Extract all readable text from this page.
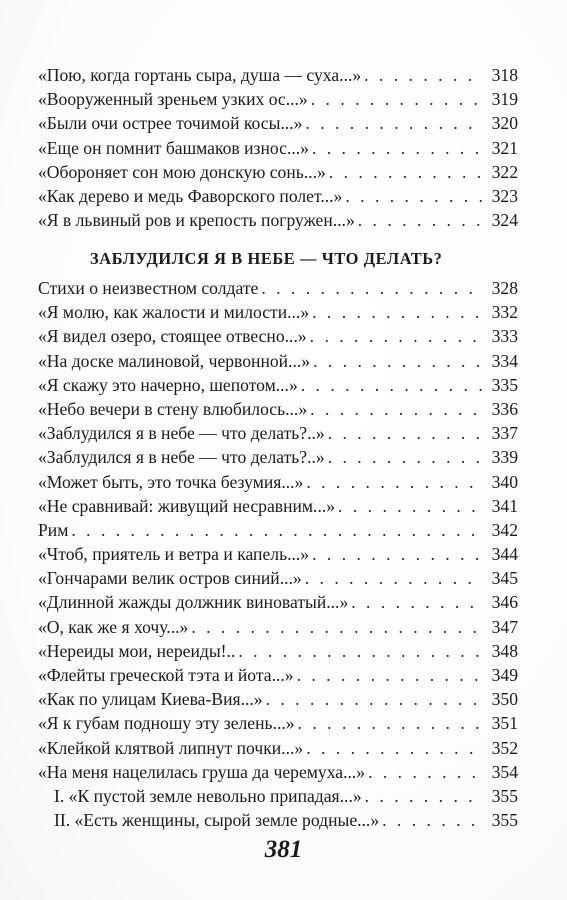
«Пою, когда гортань сыра, душа — суха...» . . .	318
«Вооруженный зреньем узких ос...» . . .	319
«Были очи острее точимой косы...» . . .	320
«Еще он помнит башмаков износ...» . . .	321
«Обороняет сон мою донскую сонь...» . . .	322
«Как дерево и медь Фаворского полет...» . . .	323
«Я в львиный ров и крепость погружен...» . . .	324
ЗАБЛУДИЛСЯ Я В НЕБЕ — ЧТО ДЕЛАТЬ?
Стихи о неизвестном солдате . . .	328
«Я молю, как жалости и милости...» . . .	332
«Я видел озеро, стоящее отвесно...» . . .	333
«На доске малиновой, червонной...» . . .	334
«Я скажу это начерно, шепотом...» . . .	335
«Небо вечери в стену влюбилось...» . . .	336
«Заблудился я в небе — что делать?..» . . .	337
«Заблудился я в небе — что делать?..» . . .	339
«Может быть, это точка безумия...» . . .	340
«Не сравнивай: живущий несравним...» . . .	341
Рим . . .	342
«Чтоб, приятель и ветра и капель...» . . .	344
«Гончарами велик остров синий...» . . .	345
«Длинной жажды должник виноватый...» . . .	346
«О, как же я хочу...» . . .	347
«Нереиды мои, нереиды!.. . . .	348
«Флейты греческой тэта и йота...» . . .	349
«Как по улицам Киева-Вия...» . . .	350
«Я к губам подношу эту зелень...» . . .	351
«Клейкой клятвой липнут почки...» . . .	352
«На меня нацелилась груша да черемуха...» . . .	354
I. «К пустой земле невольно припадая...» . . .	355
II. «Есть женщины, сырой земле родные...» . . .	355

381
